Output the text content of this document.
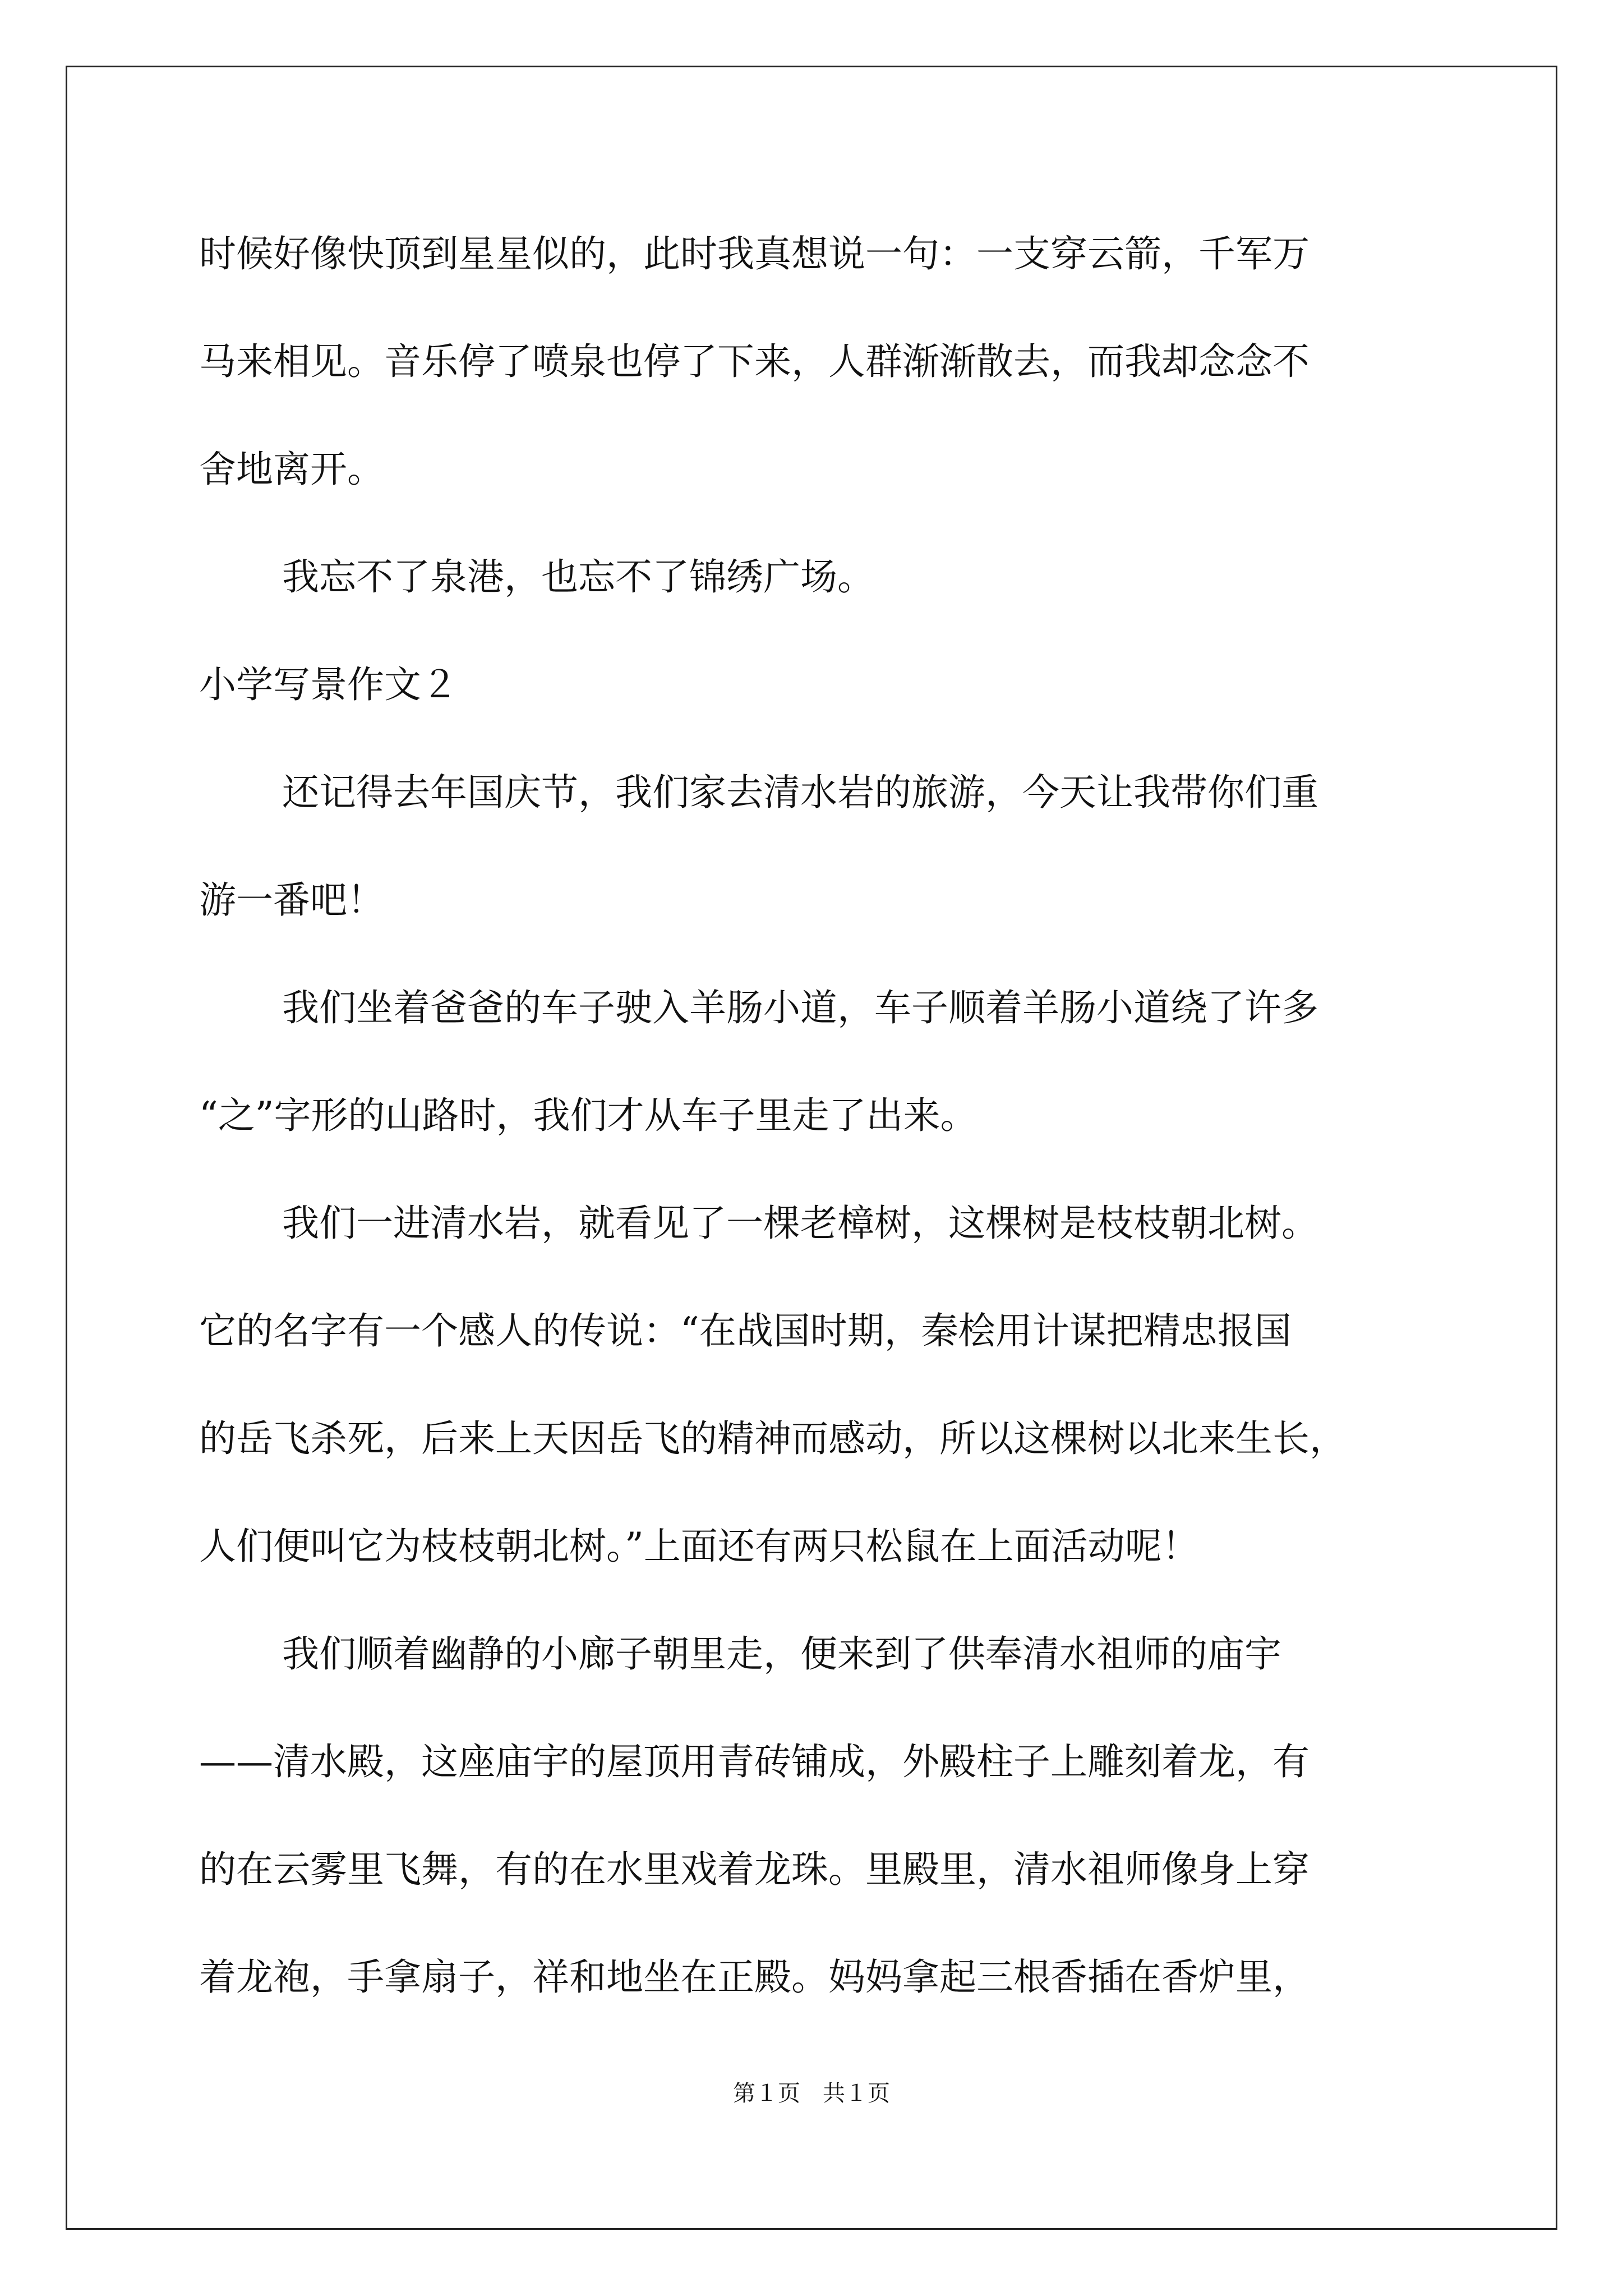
时候好像快顶到星星似的，此时我真想说一句：一支穿云箭，千军万
马来相见。音乐停了喷泉也停了下来，人群渐渐散去，而我却念念不
舍地离开。
我忘不了泉港，也忘不了锦绣广场。
小学写景作文２
还记得去年国庆节，我们家去清水岩的旅游，今天让我带你们重
游一番吧！
我们坐着爸爸的车子驶入羊肠小道，车子顺着羊肠小道绕了许多
“之”字形的山路时，我们才从车子里走了出来。
我们一进清水岩，就看见了一棵老樟树，这棵树是枝枝朝北树。
它的名字有一个感人的传说：“在战国时期，秦桧用计谋把精忠报国
的岳飞杀死，后来上天因岳飞的精神而感动，所以这棵树以北来生长，
人们便叫它为枝枝朝北树。”上面还有两只松鼠在上面活动呢！
我们顺着幽静的小廊子朝里走，便来到了供奉清水祖师的庙宇
——清水殿，这座庙宇的屋顶用青砖铺成，外殿柱子上雕刻着龙，有
的在云雾里飞舞，有的在水里戏着龙珠。里殿里，清水祖师像身上穿
着龙袍，手拿扇子，祥和地坐在正殿。妈妈拿起三根香插在香炉里，
第１页 共１页
